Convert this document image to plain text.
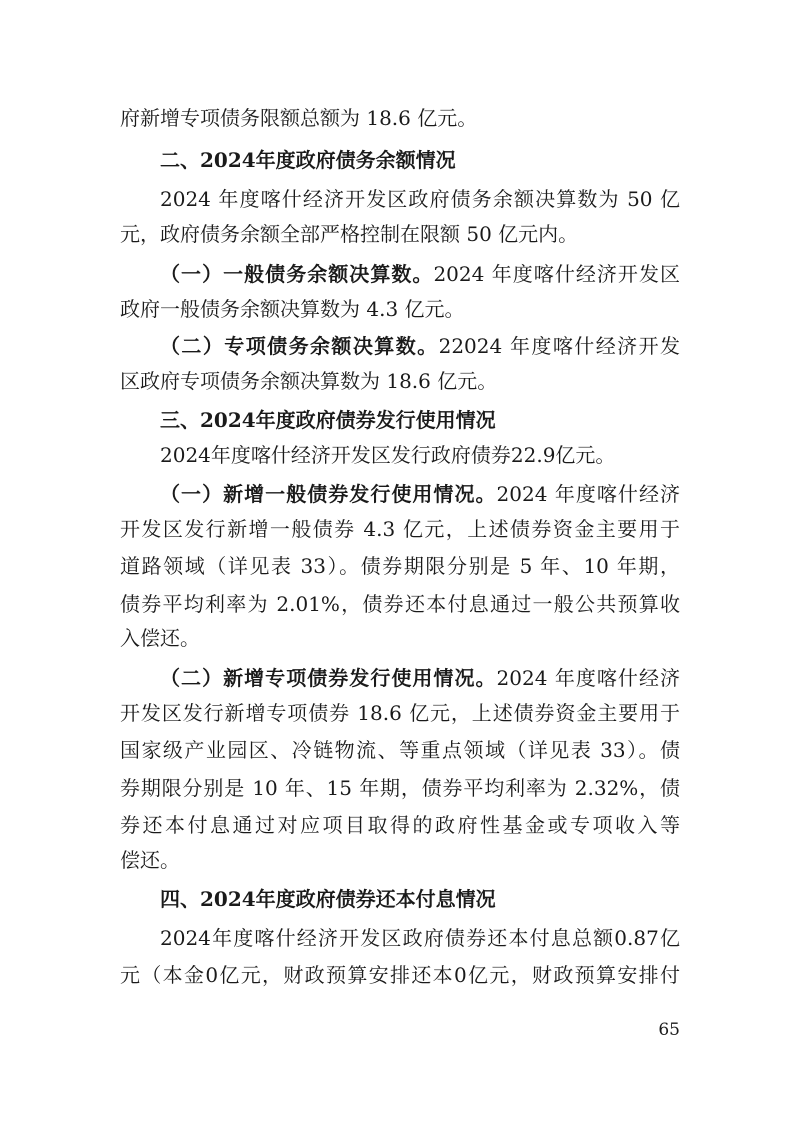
府新增专项债务限额总额为 18.6 亿元。
二、2024年度政府债务余额情况
2024 年度喀什经济开发区政府债务余额决算数为 50 亿
元，政府债务余额全部严格控制在限额 50 亿元内。
（一）一般债务余额决算数。2024 年度喀什经济开发区
政府一般债务余额决算数为 4.3 亿元。
（二）专项债务余额决算数。22024 年度喀什经济开发
区政府专项债务余额决算数为 18.6 亿元。
三、2024年度政府债券发行使用情况
2024年度喀什经济开发区发行政府债券22.9亿元。
（一）新增一般债券发行使用情况。2024 年度喀什经济
开发区发行新增一般债券 4.3 亿元，上述债券资金主要用于
道路领域（详见表 33）。债券期限分别是 5 年、10 年期，
债券平均利率为 2.01%，债券还本付息通过一般公共预算收
入偿还。
（二）新增专项债券发行使用情况。2024 年度喀什经济
开发区发行新增专项债券 18.6 亿元，上述债券资金主要用于
国家级产业园区、冷链物流、等重点领域（详见表 33）。债
券期限分别是 10 年、15 年期，债券平均利率为 2.32%，债
券还本付息通过对应项目取得的政府性基金或专项收入等
偿还。
四、2024年度政府债券还本付息情况
2024年度喀什经济开发区政府债券还本付息总额0.87亿
元（本金0亿元，财政预算安排还本0亿元，财政预算安排付
65
